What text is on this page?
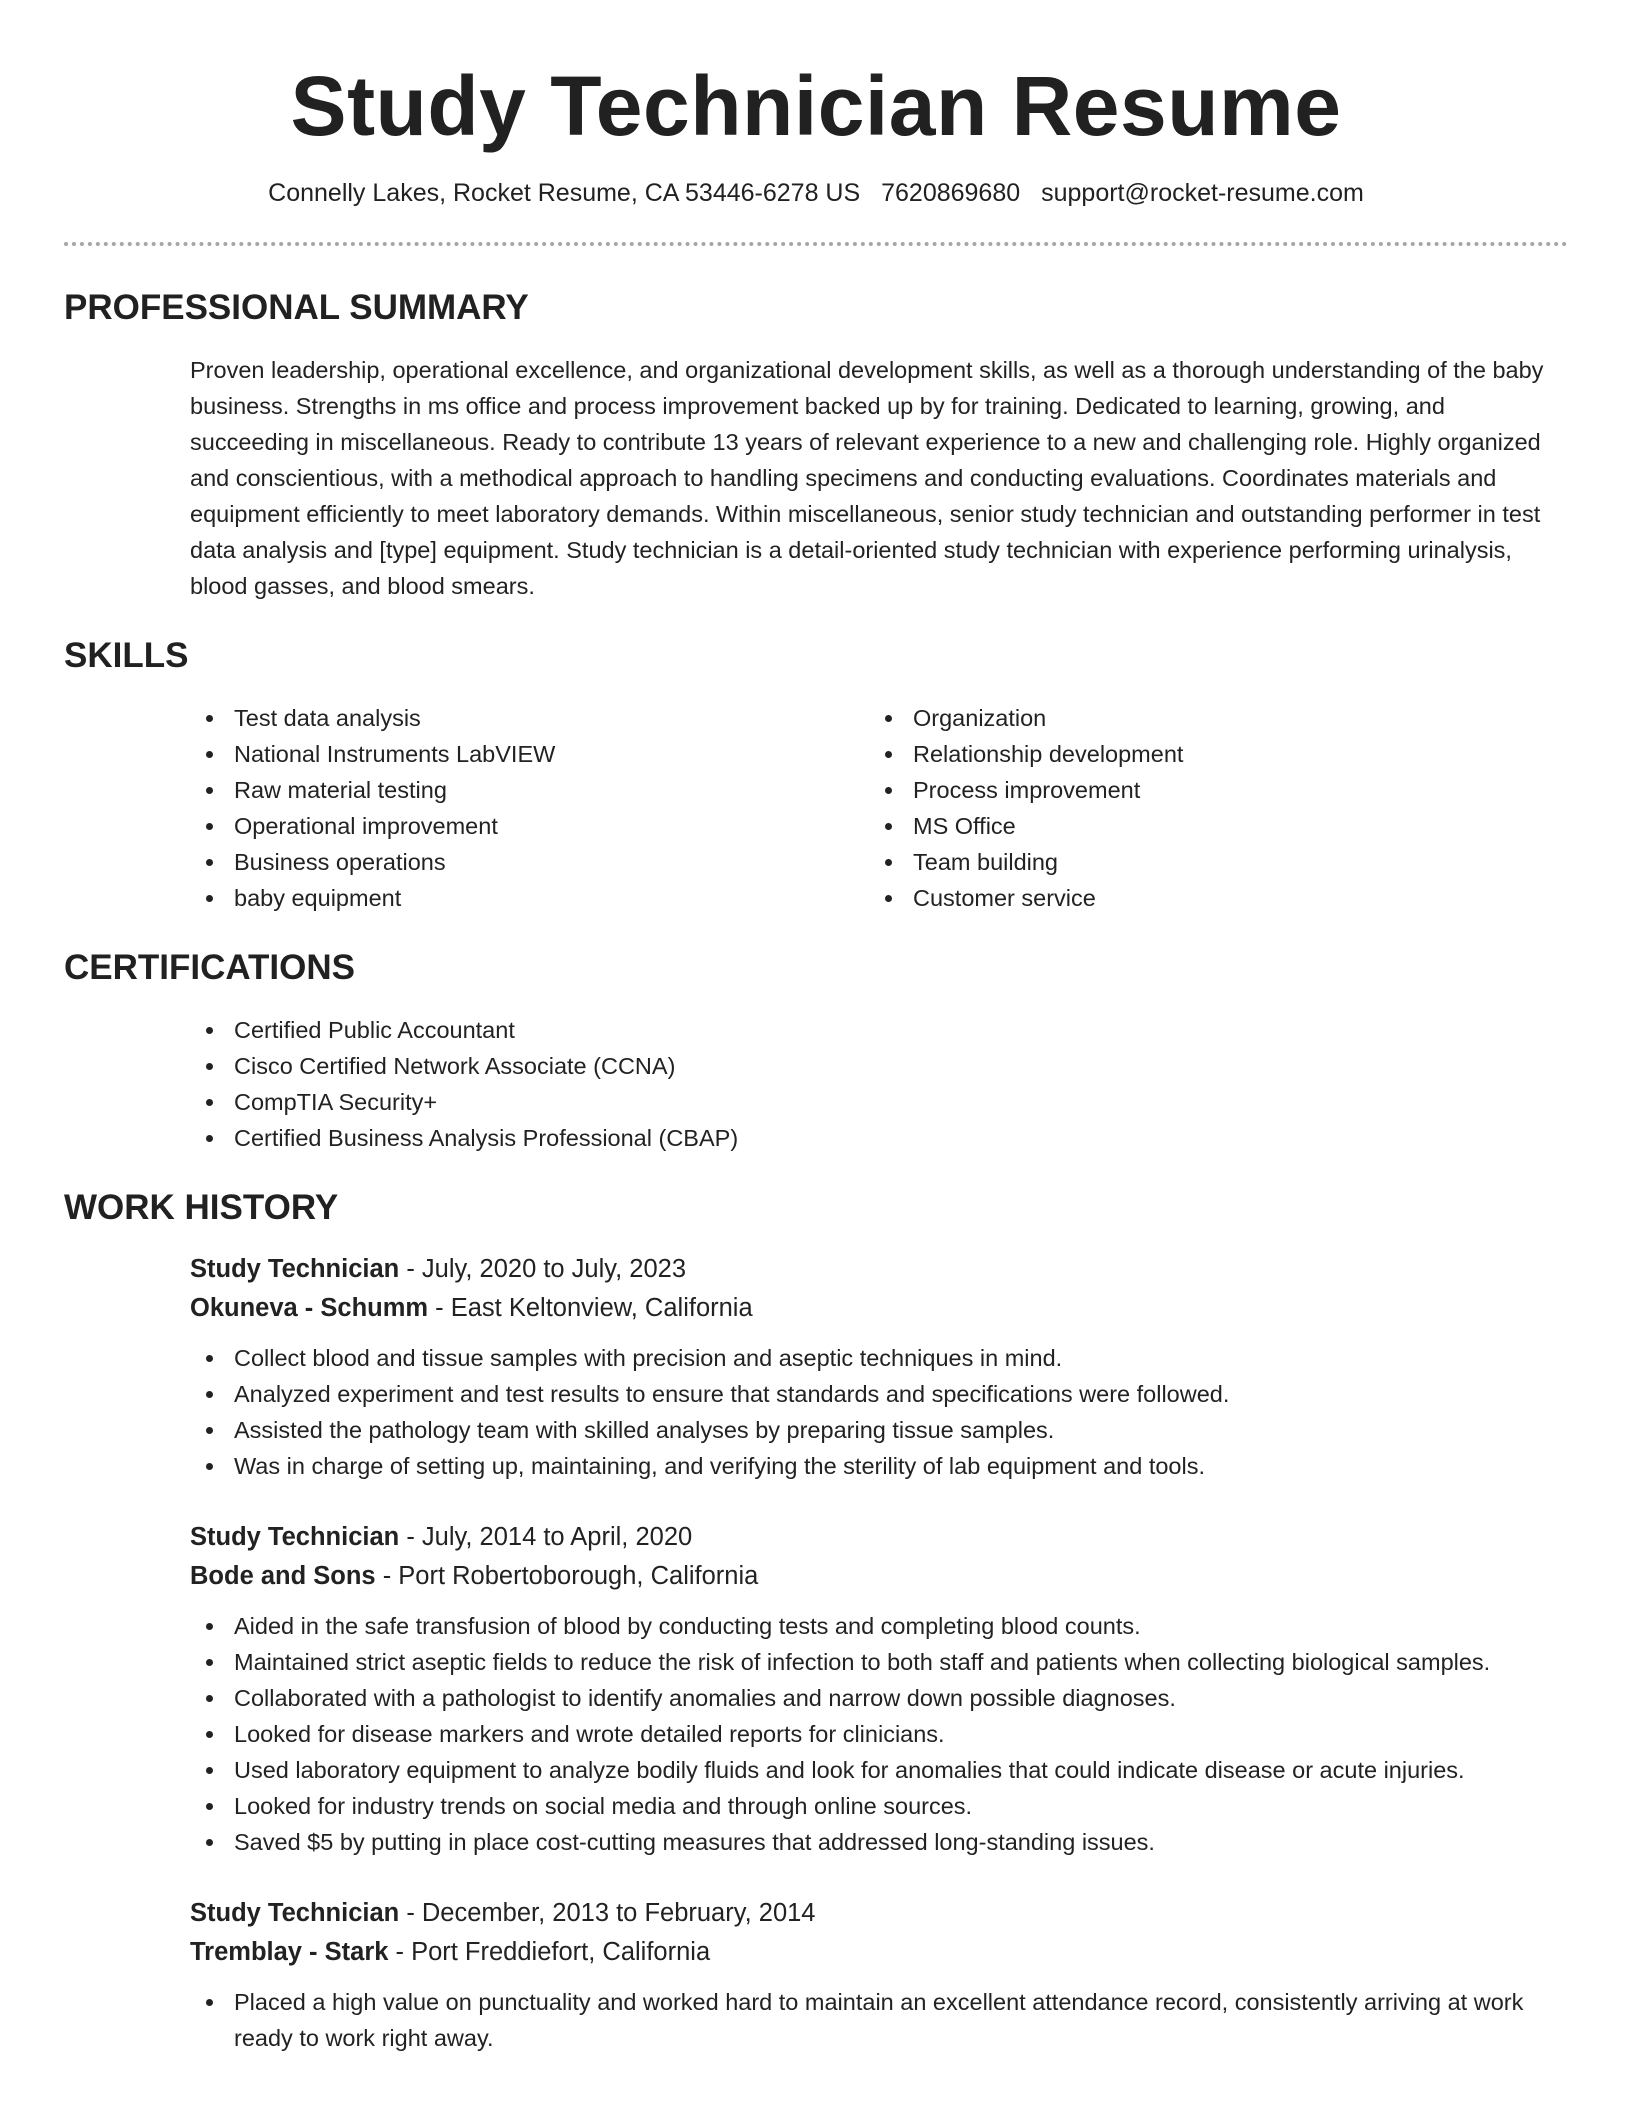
Study Technician Resume
Connelly Lakes, Rocket Resume, CA 53446-6278 US 7620869680 support@rocket-resume.com
PROFESSIONAL SUMMARY

Proven leadership, operational excellence, and organizational development skills, as well as a thorough understanding of the baby business. Strengths in ms office and process improvement backed up by for training. Dedicated to learning, growing, and succeeding in miscellaneous. Ready to contribute 13 years of relevant experience to a new and challenging role. Highly organized and conscientious, with a methodical approach to handling specimens and conducting evaluations. Coordinates materials and equipment efficiently to meet laboratory demands. Within miscellaneous, senior study technician and outstanding performer in test data analysis and [type] equipment. Study technician is a detail-oriented study technician with experience performing urinalysis, blood gasses, and blood smears.

SKILLS
Test data analysis
National Instruments LabVIEW
Raw material testing
Operational improvement
Business operations
baby equipment
Organization
Relationship development
Process improvement
MS Office
Team building
Customer service
CERTIFICATIONS
Certified Public Accountant
Cisco Certified Network Associate (CCNA)
CompTIA Security+
Certified Business Analysis Professional (CBAP)
WORK HISTORY
Study Technician - July, 2020 to July, 2023
Okuneva - Schumm - East Keltonview, California
Collect blood and tissue samples with precision and aseptic techniques in mind.
Analyzed experiment and test results to ensure that standards and specifications were followed.
Assisted the pathology team with skilled analyses by preparing tissue samples.
Was in charge of setting up, maintaining, and verifying the sterility of lab equipment and tools.
Study Technician - July, 2014 to April, 2020
Bode and Sons - Port Robertoborough, California
Aided in the safe transfusion of blood by conducting tests and completing blood counts.
Maintained strict aseptic fields to reduce the risk of infection to both staff and patients when collecting biological samples.
Collaborated with a pathologist to identify anomalies and narrow down possible diagnoses.
Looked for disease markers and wrote detailed reports for clinicians.
Used laboratory equipment to analyze bodily fluids and look for anomalies that could indicate disease or acute injuries.
Looked for industry trends on social media and through online sources.
Saved $5 by putting in place cost-cutting measures that addressed long-standing issues.
Study Technician - December, 2013 to February, 2014
Tremblay - Stark - Port Freddiefort, California
Placed a high value on punctuality and worked hard to maintain an excellent attendance record, consistently arriving at work ready to work right away.
